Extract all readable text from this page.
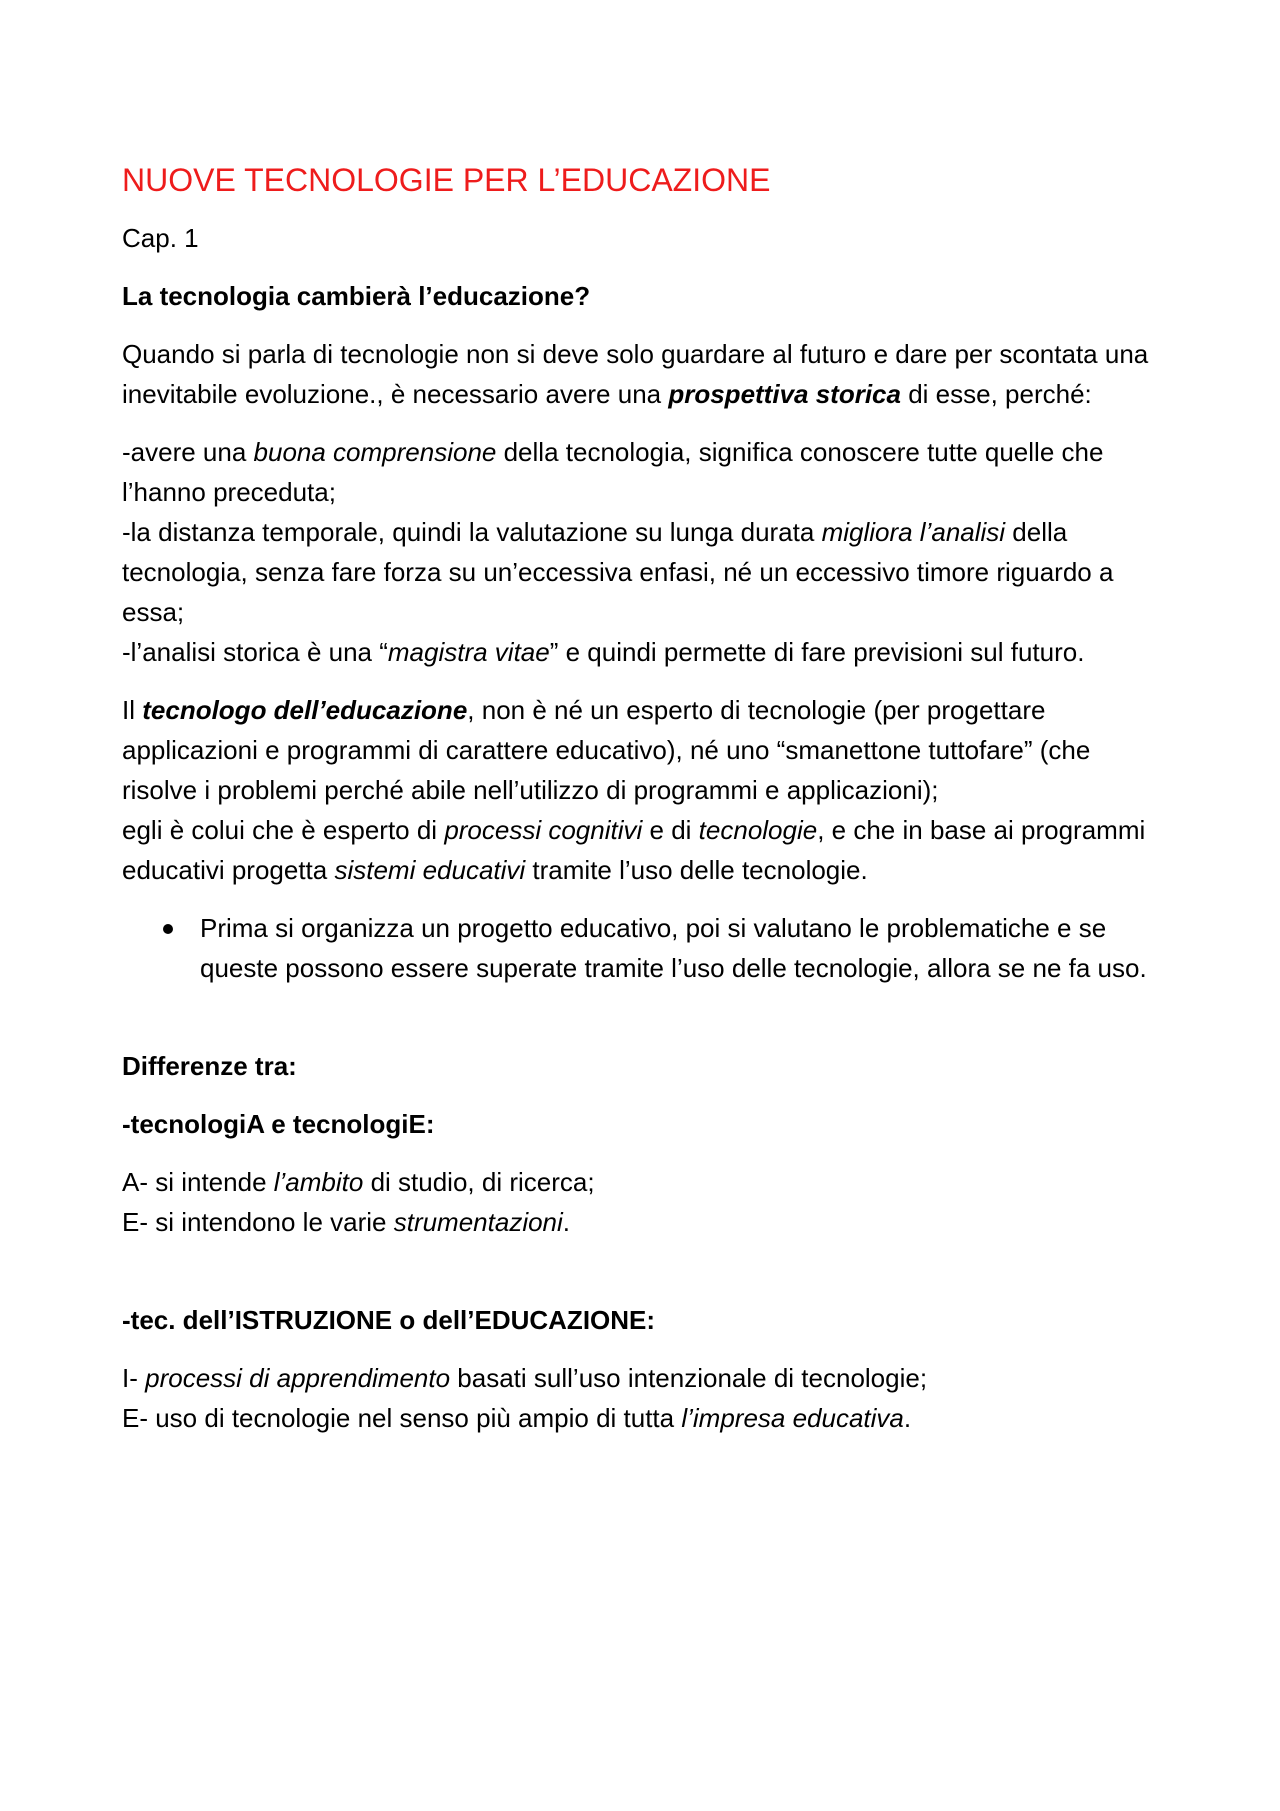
NUOVE TECNOLOGIE PER L’EDUCAZIONE
Cap. 1
La tecnologia cambierà l’educazione?
Quando si parla di tecnologie non si deve solo guardare al futuro e dare per scontata una inevitabile evoluzione., è necessario avere una prospettiva storica di esse, perché:
-avere una buona comprensione della tecnologia, significa conoscere tutte quelle che l’hanno preceduta;
-la distanza temporale, quindi la valutazione su lunga durata migliora l’analisi della tecnologia, senza fare forza su un’eccessiva enfasi, né un eccessivo timore riguardo a essa;
-l’analisi storica è una “magistra vitae” e quindi permette di fare previsioni sul futuro.
Il tecnologo dell’educazione, non è né un esperto di tecnologie (per progettare applicazioni e programmi di carattere educativo), né uno “smanettone tuttofare” (che risolve i problemi perché abile nell’utilizzo di programmi e applicazioni);
egli è colui che è esperto di processi cognitivi e di tecnologie, e che in base ai programmi educativi progetta sistemi educativi tramite l’uso delle tecnologie.
Prima si organizza un progetto educativo, poi si valutano le problematiche e se queste possono essere superate tramite l’uso delle tecnologie, allora se ne fa uso.
Differenze tra:
-tecnologiA e tecnologiE:
A- si intende l’ambito di studio, di ricerca;
E- si intendono le varie strumentazioni.
-tec. dell’ISTRUZIONE o dell’EDUCAZIONE:
I- processi di apprendimento basati sull’uso intenzionale di tecnologie;
E- uso di tecnologie nel senso più ampio di tutta l’impresa educativa.
